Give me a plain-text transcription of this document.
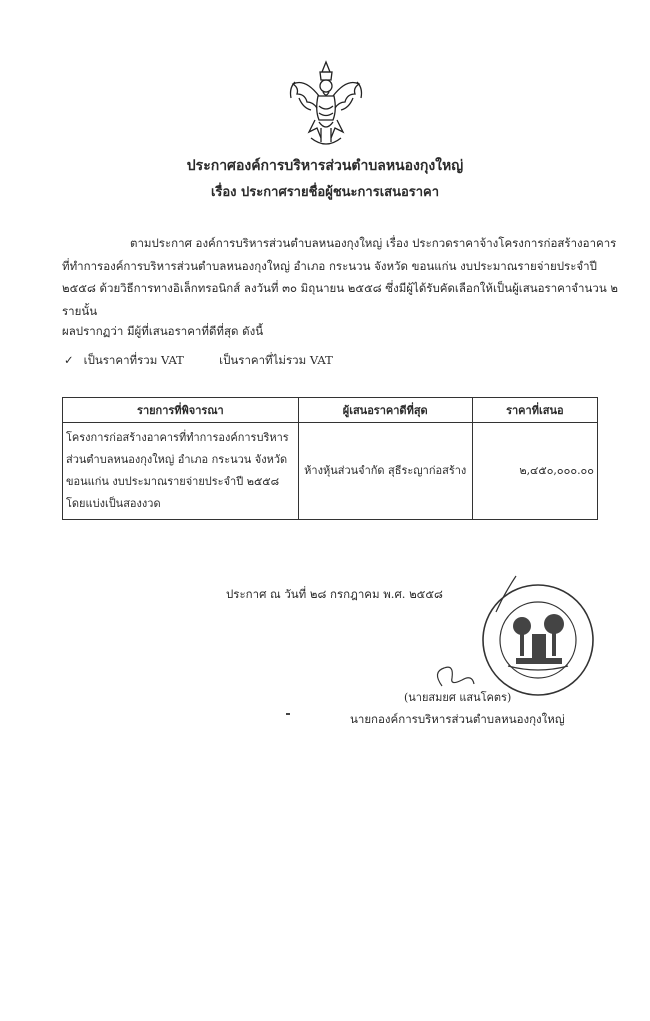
ประกาศองค์การบริหารส่วนตำบลหนองกุงใหญ่
เรื่อง ประกาศรายชื่อผู้ชนะการเสนอราคา
ตามประกาศ องค์การบริหารส่วนตำบลหนองกุงใหญ่ เรื่อง ประกวดราคาจ้างโครงการก่อสร้างอาคารที่ทำการองค์การบริหารส่วนตำบลหนองกุงใหญ่ อำเภอ กระนวน จังหวัด ขอนแก่น งบประมาณรายจ่ายประจำปี ๒๕๕๘ ด้วยวิธีการทางอิเล็กทรอนิกส์ ลงวันที่ ๓๐ มิถุนายน ๒๕๕๘ ซึ่งมีผู้ได้รับคัดเลือกให้เป็นผู้เสนอราคาจำนวน ๒ รายนั้น
ผลปรากฏว่า มีผู้ที่เสนอราคาที่ดีที่สุด ดังนี้
✓ เป็นราคาที่รวม VAT	เป็นราคาที่ไม่รวม VAT
รายการที่พิจารณา	ผู้เสนอราคาดีที่สุด	ราคาที่เสนอ
โครงการก่อสร้างอาคารที่ทำการองค์การบริหารส่วนตำบลหนองกุงใหญ่ อำเภอ กระนวน จังหวัด ขอนแก่น งบประมาณรายจ่ายประจำปี ๒๕๕๘ โดยแบ่งเป็นสองงวด	ห้างหุ้นส่วนจำกัด สุธีระญาก่อสร้าง	๒,๔๕๐,๐๐๐.๐๐
ประกาศ ณ วันที่ ๒๘ กรกฎาคม พ.ศ. ๒๕๕๘
(นายสมยศ แสนโคตร)
นายกองค์การบริหารส่วนตำบลหนองกุงใหญ่
